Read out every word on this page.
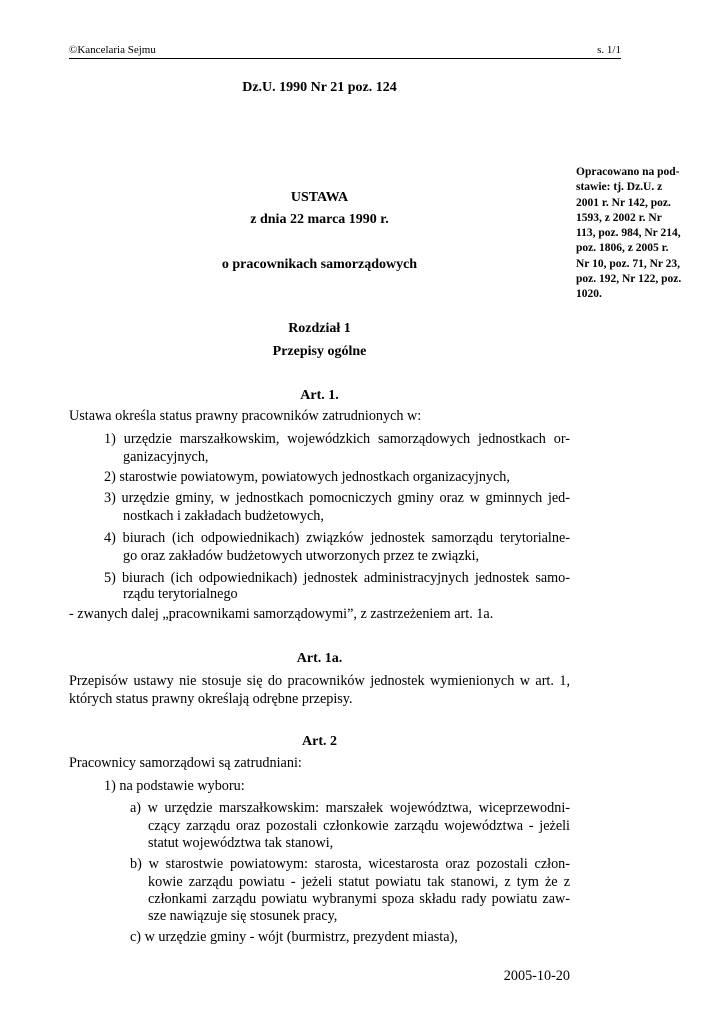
©Kancelaria Sejmu	s. 1/1
Dz.U. 1990 Nr 21 poz. 124
Opracowano na pod-
stawie: tj. Dz.U. z
2001 r. Nr 142, poz.
1593, z 2002 r. Nr
113, poz. 984, Nr 214,
poz. 1806, z 2005 r.
Nr 10, poz. 71, Nr 23,
poz. 192, Nr 122, poz.
1020.
USTAWA
z dnia 22 marca 1990 r.
o pracownikach samorządowych
Rozdział 1
Przepisy ogólne
Art. 1.
Ustawa określa status prawny pracowników zatrudnionych w:
1) urzędzie marszałkowskim, wojewódzkich samorządowych jednostkach or-
ganizacyjnych,
2) starostwie powiatowym, powiatowych jednostkach organizacyjnych,
3) urzędzie gminy, w jednostkach pomocniczych gminy oraz w gminnych jed-
nostkach i zakładach budżetowych,
4) biurach (ich odpowiednikach) związków jednostek samorządu terytorialne-
go oraz zakładów budżetowych utworzonych przez te związki,
5) biurach (ich odpowiednikach) jednostek administracyjnych jednostek samo-
rządu terytorialnego
- zwanych dalej „pracownikami samorządowymi”, z zastrzeżeniem art. 1a.
Art. 1a.
Przepisów ustawy nie stosuje się do pracowników jednostek wymienionych w art. 1,
których status prawny określają odrębne przepisy.
Art. 2
Pracownicy samorządowi są zatrudniani:
1) na podstawie wyboru:
a) w urzędzie marszałkowskim: marszałek województwa, wiceprzewodni-
czący zarządu oraz pozostali członkowie zarządu województwa - jeżeli
statut województwa tak stanowi,
b) w starostwie powiatowym: starosta, wicestarosta oraz pozostali człon-
kowie zarządu powiatu - jeżeli statut powiatu tak stanowi, z tym że z
członkami zarządu powiatu wybranymi spoza składu rady powiatu zaw-
sze nawiązuje się stosunek pracy,
c) w urzędzie gminy - wójt (burmistrz, prezydent miasta),
2005-10-20
